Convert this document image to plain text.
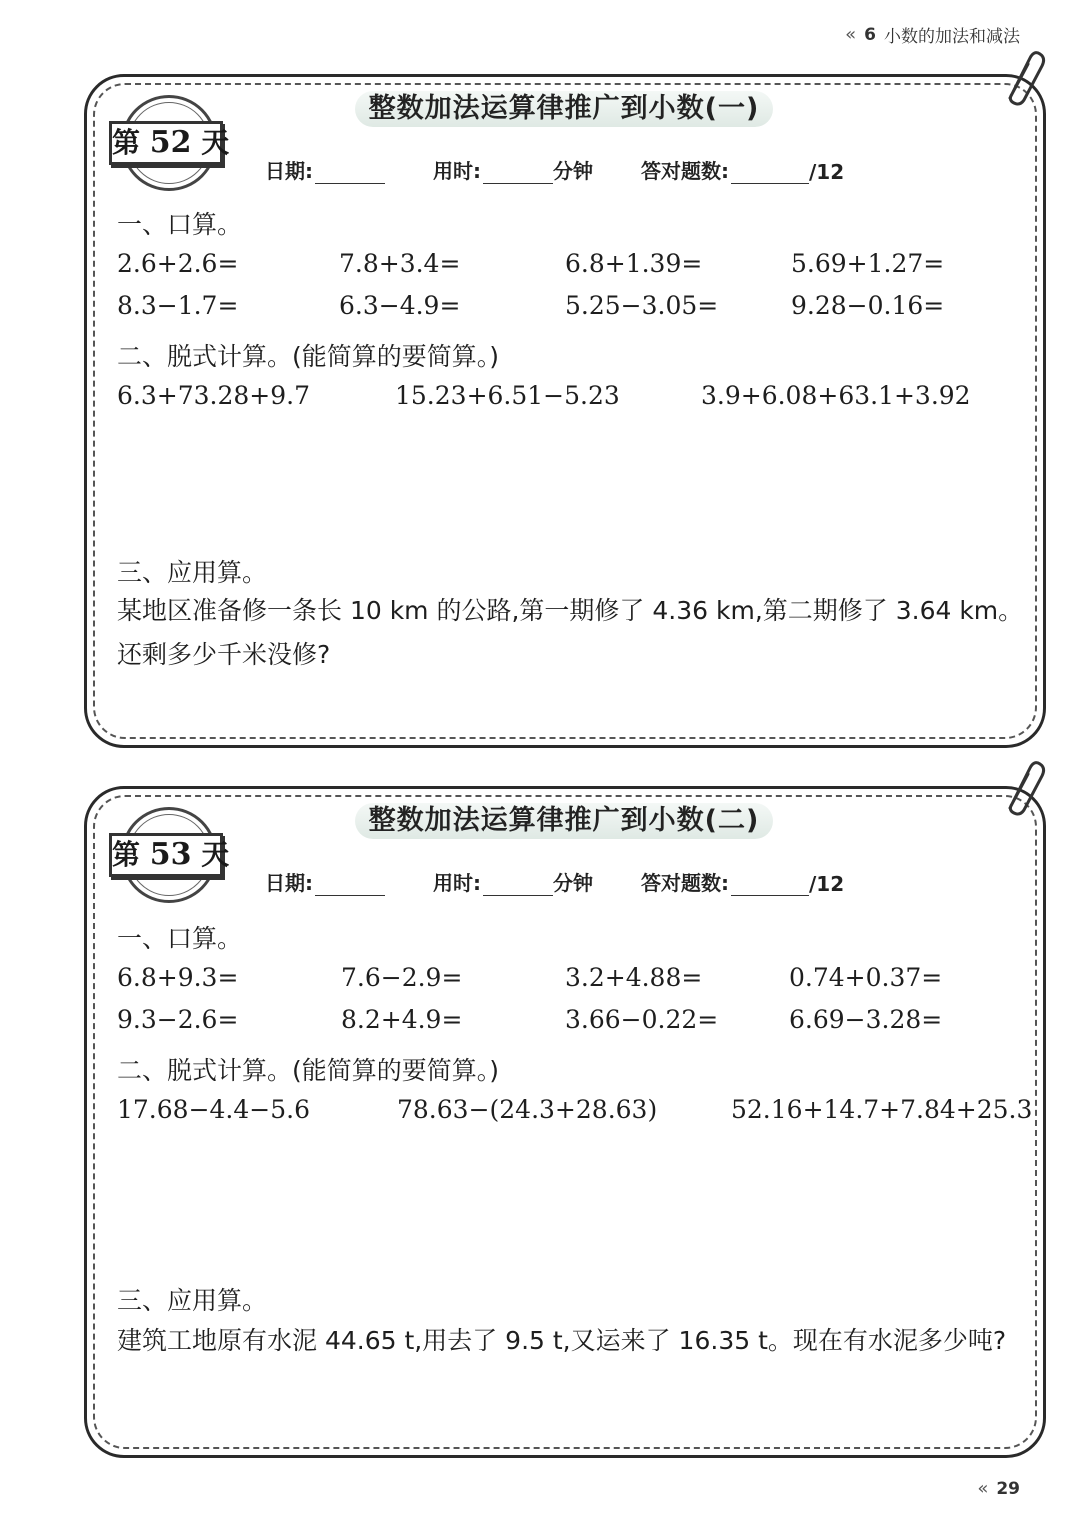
« 6 小数的加法和减法
整数加法运算律推广到小数(一)
第 52 天
日期:	用时:	分钟 答对题数:	/12
一、口算。
2.6+2.6=	7.8+3.4=	6.8+1.39=	5.69+1.27=
8.3−1.7=	6.3−4.9=	5.25−3.05=	9.28−0.16=
二、脱式计算。(能简算的要简算。)
6.3+73.28+9.7	15.23+6.51−5.23	3.9+6.08+63.1+3.92
三、应用算。
某地区准备修一条长 10 km 的公路,第一期修了 4.36 km,第二期修了 3.64 km。
还剩多少千米没修?
整数加法运算律推广到小数(二)
第 53 天
日期:	用时:	分钟 答对题数:	/12
一、口算。
6.8+9.3=	7.6−2.9=	3.2+4.88=	0.74+0.37=
9.3−2.6=	8.2+4.9=	3.66−0.22=	6.69−3.28=
二、脱式计算。(能简算的要简算。)
17.68−4.4−5.6	78.63−(24.3+28.63)	52.16+14.7+7.84+25.3
三、应用算。
建筑工地原有水泥 44.65 t,用去了 9.5 t,又运来了 16.35 t。现在有水泥多少吨?
« 29
